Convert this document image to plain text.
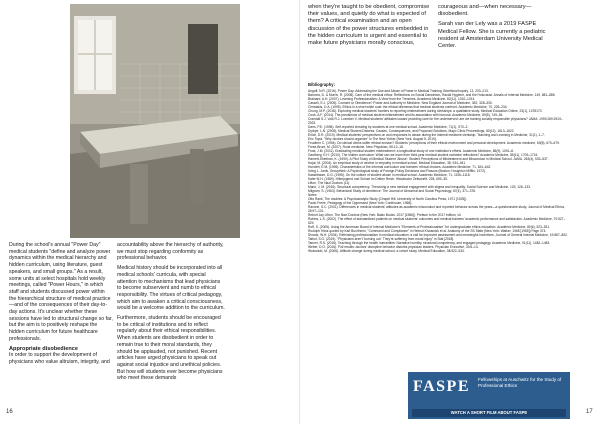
During the school's annual "Power Day" medical students "define and analyze power dynamics within the medical hierarchy and hidden curriculum, using literature, guest speakers, and small groups." As a result, some units at select hospitals hold weekly meetings, called "Power Hours," in which staff and students discussed power within the hierarchical structure of medical practice—and of the consequences of their day-to-day actions. It's unclear whether these sessions have led to structural change so far, but the aim is to positively reshape the hidden curriculum for future healthcare professionals.

Appropriate disobedience

In order to support the development of physicians who value altruism, integrity, and

accountability above the hierarchy of authority, we must stop regarding conformity as professional behavior.

Medical history should be incorporated into all medical schools' curricula, with special attention to mechanisms that lead physicians to become subservient and numb to ethical responsibility. The virtues of critical pedagogy, which aim to awaken a critical consciousness, would be a welcome addition to the curriculum.

Furthermore, students should be encouraged to be critical of institutions and to reflect regularly about their ethical responsibilities. When students are disobedient in order to remain true to their moral standards, they should be applauded, not punished. Recent articles have urged physicians to speak out against social injustice and unethical policies. But how will students ever become physicians who meet these demands

when they're taught to be obedient, compromise their values, and quietly do what is expected of them? A critical examination and an open discussion of the power structures embedded in the hidden curriculum is urgent and essential to make future physicians morally conscious,

courageous and—when necessary—disobedient.

Sarah van der Lely was a 2019 FASPE Medical Fellow. She is currently a pediatric resident at Amsterdam University Medical Center.

Bibliography:

Angoff, N.R. (2016). Power Day: Addressing the Use and Abuse of Power in Medical Training. Bioethical Inquiry, 13, 203–213.

Baronov, D. & Morris, R. (2008). Care of the medical ethos: Reflections on Social Darwinism, Racial Hygiene, and the Holocaust. Annals of Internal Medicine, 149, 881–885.

Brainard, A.H. (2007). Learning Professionalism: A View from the Trenches. Academic Medicine, 82(11), 1010–1014.

Cassell, E.J. (2005). Consent or Obedience? Power and Authority in Medicine. New England Journal of Medicine, 352, 328–330.

Christakis, D.A. (1995). Ethics in a short white coat: the ethical dilemmas that medical students confront. Academic Medicine, 70, 228–234.

Chung, M.P. (2018). Exploring medical students' barriers to reporting mistreatment during clerkships: a qualitative study. Medical Education Online, 23(1), 1478170.

Cook, A.F. (2014). The prevalence of medical student mistreatment and its association with burnout. Academic Medicine, 89(5), 749–54.

Crandall S.J. Volk R.J. Loemker V. Medical students' attitudes toward providing care for the underserved: are we training socially responsible physicians? JAMA. 1993;269:2519–2523.

Dans, P.E. (1996). Self-reported cheating by students at one medical school. Academic Medicine, 71(1), S70–2.

Dyrbye, L.N. (2005). Medical Student Distress: Causes, Consequences, and Proposed Solutions. Mayo Clinic Proceedings, 80(12), 1613–1622.

Erlich, D.R. (2019). Medical students' perspectives on and responses to abuse during the internal medicine clerkship. Teaching and Learning in Medicine, 31(1), 1–7.

Eric Topol. "Why doctors should organize" in The New Yorker (New York, August 5, 2019).

Feudtner C. (1994). Do clinical clerks suffer ethical erosion? Students' perceptions of their ethical environment and personal development. Academic medicine, 69(8), 670–679.

Frese-Brunt, M. (2007). Rude medicine. New Physician, 56:12–18.

Frost, J.M. (2011). Eradicating medical student mistreatment: a longitudinal study of one institution's efforts. Academic Medicine, 86(9), 1091–8.

Gaufberg, E.H. (2010). The hidden curriculum: What can we learn from third-year medical student narrative reflections? Academic Medicine, 85(11), 1709–1716.

Harnett-Sheehan, K. (1990). A Pilot Study of Medical Student 'Abuse': Student Perceptions of Mistreatment and Misconduct in Medical School. JAMA, 263(4), 533–537.

Hojat, M. (2004). An empirical study of decline in empathy in medical school. Medical Education, 38, 934–941.

Hundert, E.M. (1996). Characteristics of the informal curriculum and trainees' ethical choices. Academic Medicine, 71, 624–642.

Irving L. Janis. Groupthink: A Psychological study of Foreign-Policy Decisions and Fiascos (Boston: Houghton Mifflin, 1972).

Kassebaum, D.G. (1995). On the culture of student abuse in medical school. Academic Medicine, 71, 1106–1118.

Kater M.H. (1989). Hitlerjugend und Schule im Dritten Reich. Historische Zeitschrift, 228, 609–35.

Lifton, The Nazi Doctors (11).

Mann, J. M. (2016). Structural competency: Theorizing a new medical engagement with stigma and inequality. Social Science and Medicine, 103, 126–133.

Milgram, S. (1963). Behavioral Study of obedience. The Journal of Abnormal and Social Psychology, 67(4), 371–378.

Notes

Otto Rank, The doubles: A Psychoanalytic Study (Chapel Hill: University of North Carolina Press, 1971 [1925]).

Paolo Freire, Pedagogy of the Oppressed (New York: Continuum, 1968).

Ravone, S.C. (2001). Differences in medical students' attitudes as academic misconduct and reported behavior across the years—a questionnaire study. Journal of Medical Ethics, 28:97–101.

Rebort Jay Lifton, The Nazi Doctors (New York: Basic Books, 2017 [1986]). Preface to the 2017 edition, vii.

Robins, L.S. (2002). The effect of standardized patients on medical students' outcomes and medical trainees' academic performance and satisfaction. Academic Medicine, 70:527–529.

Roff, S. (2005). Using the American Board of Internal Medicine's "Elements of Professionalism" for undergraduate ethics education. Academic Medicine, 80(6), 523–531.

Rudolph Höss quoted by Karl Buchheim, "Command and Compliance" in Helmut Krausnick et al. Anatomy of the SS State (New York: Walker, 1968 [1965]) Page 374.

Shrank, W.H. (2004). Rethinking professionalism in medical education: a call for improved assessment and meaningful incentives. Journal of General Internal Medicine, 19:887–892.

Talbot, S.G. (2019). "Physicians aren't 'burning out.' They're suffering from moral injury" in Stat [2018].

Tanner, R.S. (2016). Teaching through the health humanities: Narrative humility, structural competency, and engaged pedagogy. Academic Medicine, 91(11), 1482–1483.

Weber, D.O. (2016). Poll results: doctors' disruptive behavior disturbs physician leaders. Physician Executive, 30:6–14.

Wolowicki, M. (2006). Attitude change during medical school: a cohort study. Medical Education, 38:522–534.

FASPE Fellowships at Auschwitz for the Study of Professional Ethics
WATCH A SHORT FILM ABOUT FASPE
16	17
